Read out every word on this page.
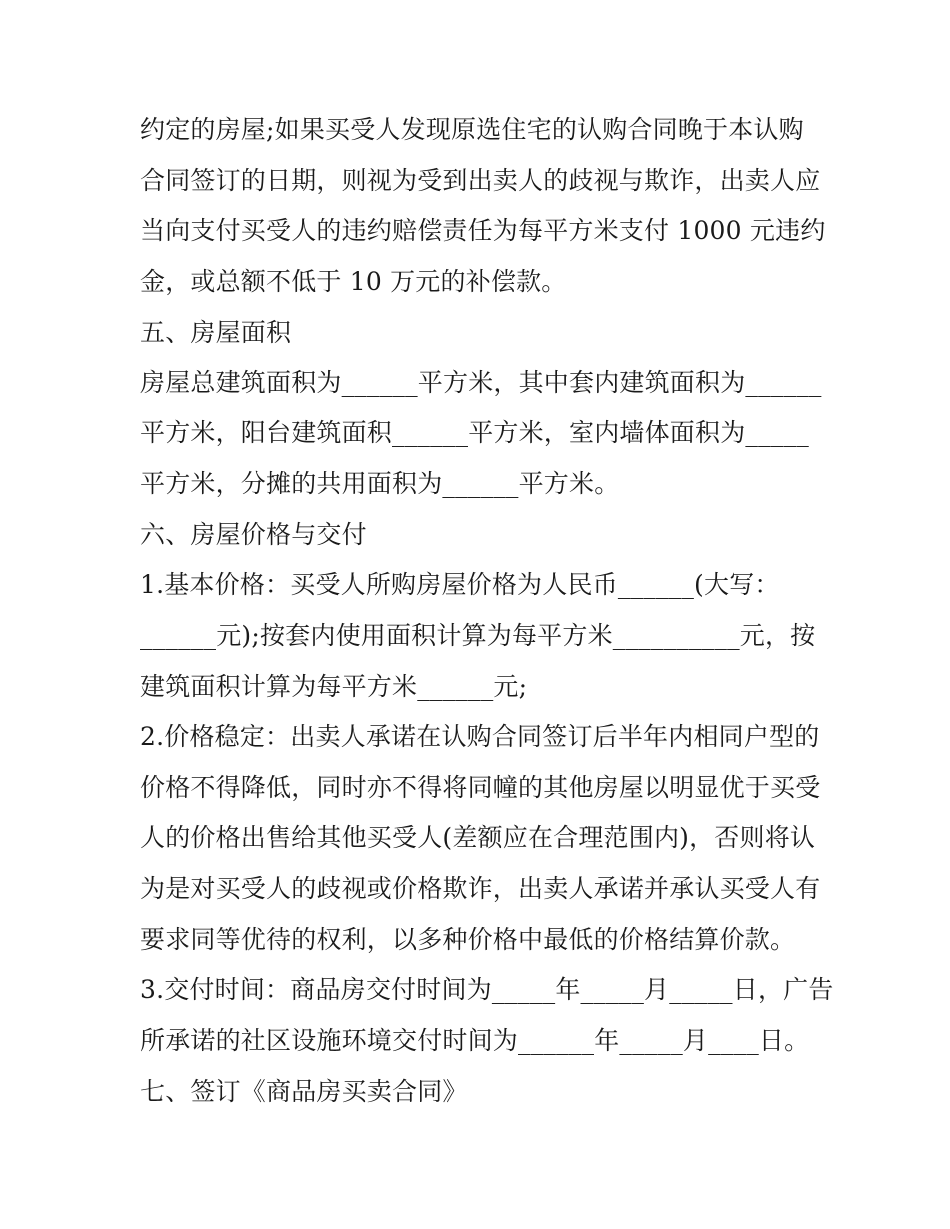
约定的房屋;如果买受人发现原选住宅的认购合同晚于本认购
合同签订的日期，则视为受到出卖人的歧视与欺诈，出卖人应
当向支付买受人的违约赔偿责任为每平方米支付 1000 元违约
金，或总额不低于 10 万元的补偿款。
五、房屋面积
房屋总建筑面积为______平方米，其中套内建筑面积为______
平方米，阳台建筑面积______平方米，室内墙体面积为_____
平方米，分摊的共用面积为______平方米。
六、房屋价格与交付
1.基本价格：买受人所购房屋价格为人民币______(大写：
______元);按套内使用面积计算为每平方米__________元，按
建筑面积计算为每平方米______元;
2.价格稳定：出卖人承诺在认购合同签订后半年内相同户型的
价格不得降低，同时亦不得将同幢的其他房屋以明显优于买受
人的价格出售给其他买受人(差额应在合理范围内)，否则将认
为是对买受人的歧视或价格欺诈，出卖人承诺并承认买受人有
要求同等优待的权利，以多种价格中最低的价格结算价款。
3.交付时间：商品房交付时间为_____年_____月_____日，广告
所承诺的社区设施环境交付时间为______年_____月____日。
七、签订《商品房买卖合同》
